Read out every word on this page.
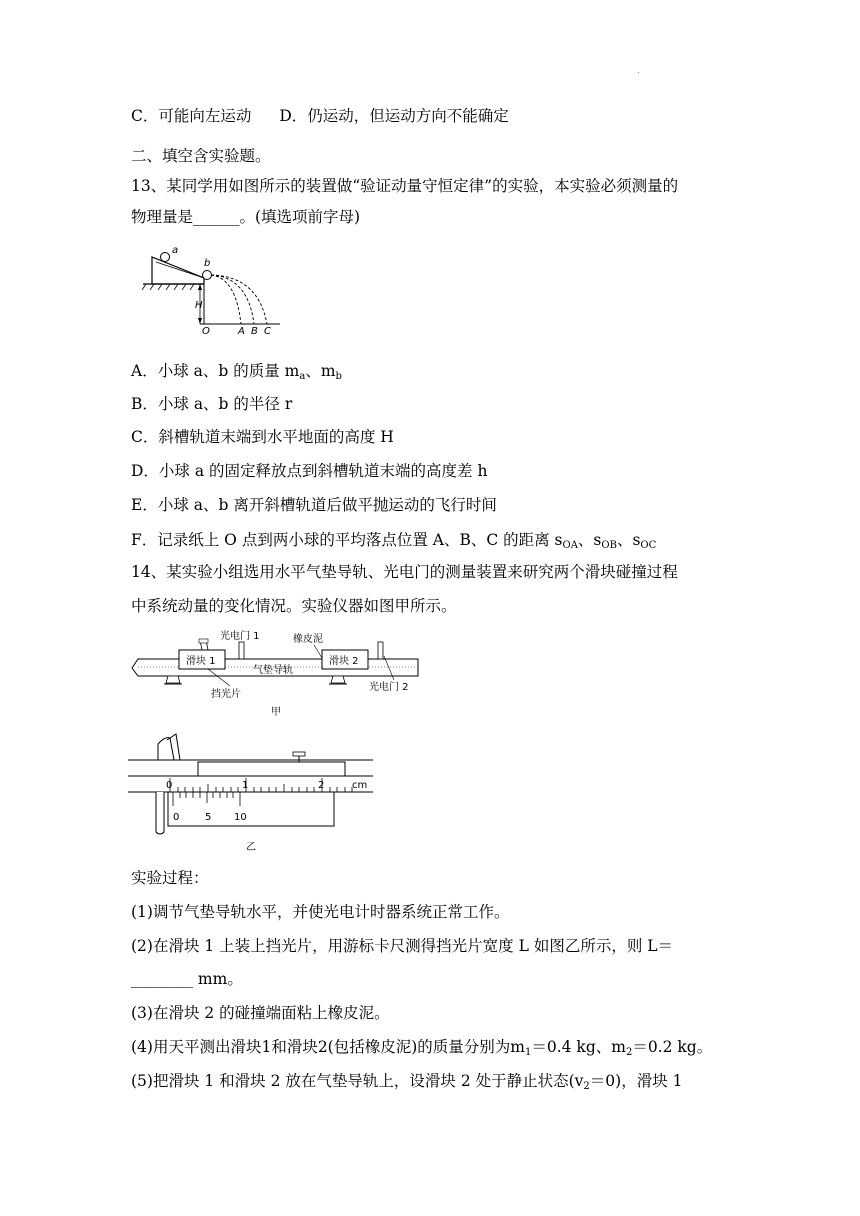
.
C．可能向左运动 D．仍运动，但运动方向不能确定
二、填空含实验题。
13、某同学用如图所示的装置做“验证动量守恒定律”的实验，本实验必须测量的
物理量是______。(填选项前字母)
a
b
H
O	A B C
A．小球 a、b 的质量 $m_a$、$m_b$
B．小球 a、b 的半径 r
C．斜槽轨道末端到水平地面的高度 H
D．小球 a 的固定释放点到斜槽轨道末端的高度差 h
E．小球 a、b 离开斜槽轨道后做平抛运动的飞行时间
F．记录纸上 O 点到两小球的平均落点位置 A、B、C 的距离 $s_{OA}$、$s_{OB}$、$s_{OC}$
14、某实验小组选用水平气垫导轨、光电门的测量装置来研究两个滑块碰撞过程
中系统动量的变化情况。实验仪器如图甲所示。
滑块 1	滑块 2
光电门 1	橡皮泥
气垫导轨
挡光片
光电门 2
甲
0	1	2	cm
0	5 10
乙
实验过程：
(1)调节气垫导轨水平，并使光电计时器系统正常工作。
(2)在滑块 1 上装上挡光片，用游标卡尺测得挡光片宽度 L 如图乙所示，则 L＝
________ mm。
(3)在滑块 2 的碰撞端面粘上橡皮泥。
(4)用天平测出滑块1和滑块2(包括橡皮泥)的质量分别为$m_1=0.4$ kg、$m_2=0.2$ kg。
(5)把滑块 1 和滑块 2 放在气垫导轨上，设滑块 2 处于静止状态$(v_2=0)$，滑块 1
